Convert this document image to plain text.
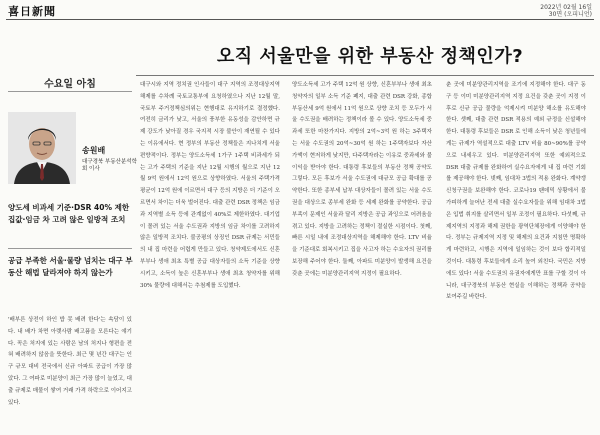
喜日新聞	2022년 02월 16일
30면 (오피니언)
오직 서울만을 위한 부동산 정책인가?
수요일 아침
송원배
대구경북 부동산분석학회 이사
양도세 비과세 기준·DSR 40% 제한 집값·임금 차 고려 않은 일방적 조치
공급 부족한 서울·물량 넘치는 대구 부동산 해법 달라져야 하지 않는가

'배부른 상전이 하인 밥 못 배려 한다'는 속담이 있다. 내 배가 차면 아랫사람 배고픔을 모른다는 얘기다. 꼭은 처지에 있는 사람은 남의 처지나 형편을 전혀 배려하지 않음을 뜻한다. 최근 몇 년간 대구는 인구 규모 대비 전국에서 신규 아파트 공급이 가장 많았다. 그 여파로 미분양이 최근 가장 많이 늘었고, 대출 규제로 매물이 쌓여 거래 가격 하락으로 이어지고 있다.

대구시와 지역 정치권 인사들이 대구 지역의 조정대상지역 해제를 수차례 국토교통부에 요청하였으나 지난 12월 말, 국토부 주거정책심의위는 현행대로 유지하기로 결정했다. 여전히 금리가 낮고, 서울의 풍부한 유동성을 감안하면 규제 강도가 낮아질 경우 국지적 시장 불안이 재연될 수 있다는 이유에서다. 현 정부의 부동산 정책들은 지나치게 서울 편향적이다. 정부는 양도소득세 1가구 1주택 비과세가 되는 고가 주택의 기준을 지난 12월 시행의 월으로 지난 12월 9억 원에서 12억 원으로 상향하였다. 서울의 주택가격 평균이 12억 원에 이르면서 대구 등의 지방은 더 기준이 오르면서 차이는 더욱 벌어진다. 대출 관련 DSR 정책은 임금과 지역별 소득 등에 관계없이 40%로 제한하였다. 대기업이 몰려 있는 서울 수도권과 지방의 임금 차이를 고려하지 않은 일방적 조치다. 불공평의 상징인 DSR 규제는 서민들의 내 집 마련을 어렵게 만들고 있다. 청약제도에서도 신혼부부나 생애 최초 특별 공급 대상자들의 소득 기준을 상향시키고, 소득이 높은 신혼부부나 생애 최초 청약자를 위해 30% 물량에 대해서는 추첨제를 도입했다.

양도소득세 고가 주택 12억 원 상향, 신혼부부나 생애 최초 청약자의 일부 소득 기준 폐지, 대출 관련 DSR 강화, 종합부동산세 9억 원에서 11억 원으로 상향 조치 등 모두가 서울 수도권을 배려하는 정책이라 볼 수 있다. 양도소득세 중과세 또한 마찬가지다. 지방의 2억~3억 원 하는 3주택자는 서울 수도권의 20억~30억 원 하는 1주택자보다 자산 가액이 현저하게 낮지만, 다주택자라는 이유로 중과세와 불이익을 받아야 한다. 대통령 후보들의 부동산 정책 공약도 그렇다. 모든 후보가 서울 수도권에 대규모 공급 확대를 공약한다. 또한 종부세 납부 대상자들이 몰려 있는 서울 수도권을 대상으로 종부세 완화 등 세제 완화를 공약한다. 공급 부족이 문제인 서울과 달리 지방은 공급 과잉으로 어려움을 겪고 있다. 지방을 고려하는 정책이 절실한 시점이다. 첫째, 빠른 시일 내에 조정대상지역을 해제해야 한다. LTV 비율을 기준대로 회복시키고 집을 사고자 하는 수요자의 권리를 보장해 주어야 한다. 둘째, 아파트 미분양이 발생해 요건을 갖춘 곳에는 미분양관리지역 지정이 필요하다.

춘 곳에 미분양관리지역을 조기에 지정해야 한다. 대구 동구 등 이미 미분양관리지역 지정 요건을 갖춘 곳이 지정 이후로 신규 공급 물량을 억제시켜 미분양 해소를 유도해야 한다. 셋째, 대출 관련 DSR 적용의 예외 규정을 신설해야 한다. 대통령 후보들은 DSR 로 인해 소득이 낮은 청년들에게는 규제가 역설적으로 대출 LTV 비율 80~90%를 공약으로 내세우고 있다. 미분양관리지역 또한 예외적으로 DSR 대출 규제를 완화하여 실수요자에게 내 집 마련 기회를 제공해야 한다. 넷째, 임대차 3법의 적용 완화다. 계약갱신청구권을 보완해야 한다. 코로나19 팬데믹 상황에서 불가피하게 늘어난 전세 대출 실수요자들을 위해 임대차 3법은 입법 취지를 살리면서 일부 조정이 필요하다. 다섯째, 규제지역의 지정과 해제 권한을 광역단체장에게 이양해야 한다. 정부는 규제지역 지정 및 해제의 요건과 지침만 명확하게 마련하고, 시행은 지역에 일임하는 것이 보다 합리적일 것이다. 대통령 후보들에게 소리 높여 외친다. 국민은 지방에도 있다! 서울 수도권의 유권자에게만 표를 구할 것이 아니라, 대구경북의 부동산 현실을 이해하는 정책과 공약을 보여주길 바란다.
